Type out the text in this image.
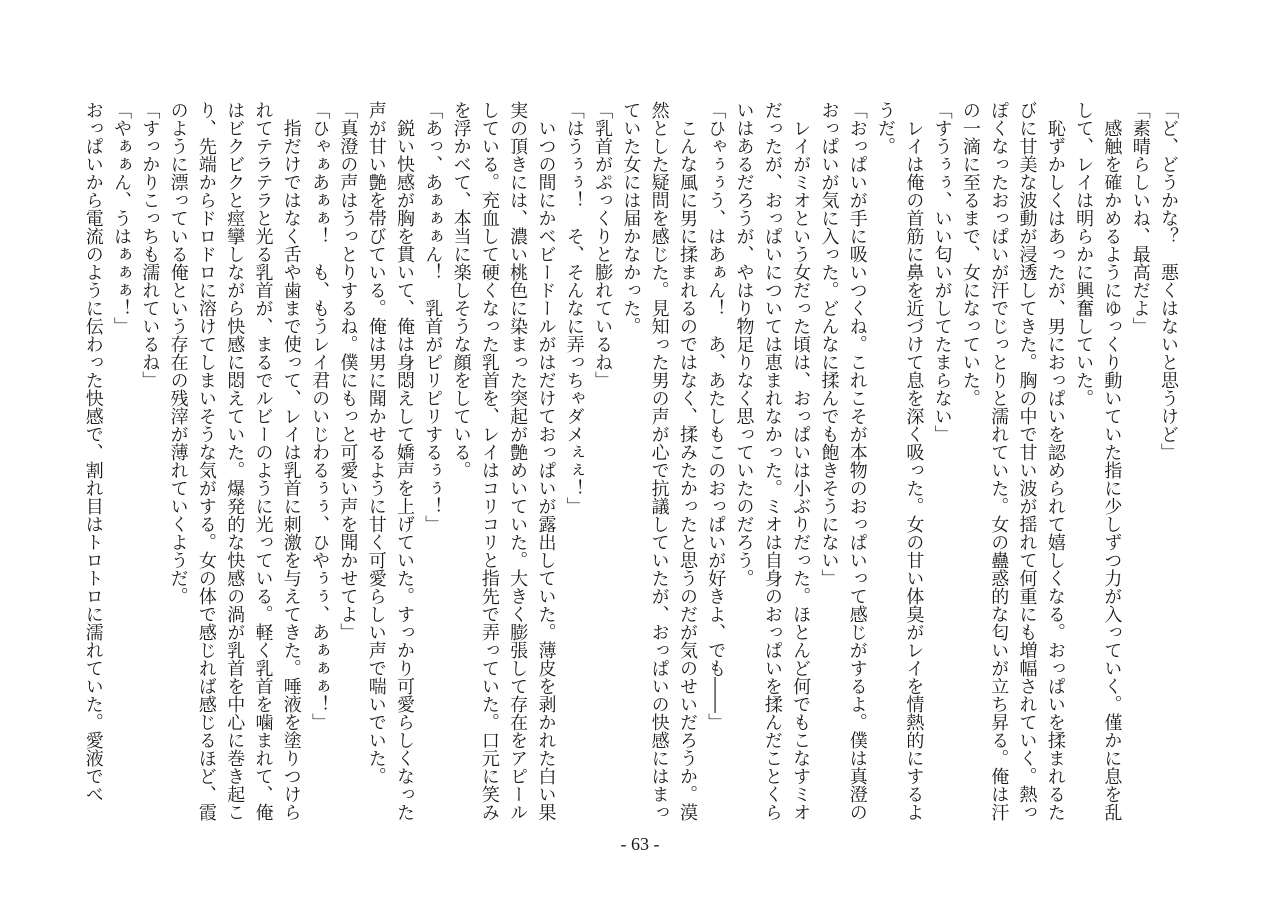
「ど、どうかな？　悪くはないと思うけど」
「素晴らしいね、最高だよ」
　感触を確かめるようにゆっくり動いていた指に少しずつ力が入っていく。僅かに息を乱
して、レイは明らかに興奮していた。
　恥ずかしくはあったが、男におっぱいを認められて嬉しくなる。おっぱいを揉まれるた
びに甘美な波動が浸透してきた。胸の中で甘い波が揺れて何重にも増幅されていく。熱っ
ぽくなったおっぱいが汗でじっとりと濡れていた。女の蠱惑的な匂いが立ち昇る。俺は汗
の一滴に至るまで、女になっていた。
「すうぅぅ、いい匂いがしてたまらない」
　レイは俺の首筋に鼻を近づけて息を深く吸った。女の甘い体臭がレイを情熱的にするよ
うだ。
「おっぱいが手に吸いつくね。これこそが本物のおっぱいって感じがするよ。僕は真澄の
おっぱいが気に入った。どんなに揉んでも飽きそうにない」
　レイがミオという女だった頃は、おっぱいは小ぶりだった。ほとんど何でもこなすミオ
だったが、おっぱいについては恵まれなかった。ミオは自身のおっぱいを揉んだことくら
いはあるだろうが、やはり物足りなく思っていたのだろう。
「ひゃぅぅう、はあぁん！　あ、あたしもこのおっぱいが好きよ、でも――」
　こんな風に男に揉まれるのではなく、揉みたかったと思うのだが気のせいだろうか。漠
然とした疑問を感じた。見知った男の声が心で抗議していたが、おっぱいの快感にはまっ
ていた女には届かなかった。
「乳首がぷっくりと膨れているね」
「はうぅぅ！　そ、そんなに弄っちゃダメぇぇ！」
　いつの間にかベビードールがはだけておっぱいが露出していた。薄皮を剥かれた白い果
実の頂きには、濃い桃色に染まった突起が艶めいていた。大きく膨張して存在をアピール
している。充血して硬くなった乳首を、レイはコリコリと指先で弄っていた。口元に笑み
を浮かべて、本当に楽しそうな顔をしている。
「あっ、あぁぁぁん！　乳首がピリピリするぅぅ！」
　鋭い快感が胸を貫いて、俺は身悶えして嬌声を上げていた。すっかり可愛らしくなった
声が甘い艶を帯びている。俺は男に聞かせるように甘く可愛らしい声で喘いでいた。
「真澄の声はうっとりするね。僕にもっと可愛い声を聞かせてよ」
「ひゃぁあぁぁ！　も、もうレイ君のいじわるぅぅ、ひやぅぅ、あぁぁぁ！」
　指だけではなく舌や歯まで使って、レイは乳首に刺激を与えてきた。唾液を塗りつけら
れてテラテラと光る乳首が、まるでルビーのように光っている。軽く乳首を噛まれて、俺
はビクビクと痙攣しながら快感に悶えていた。爆発的な快感の渦が乳首を中心に巻き起こ
り、先端からドロドロに溶けてしまいそうな気がする。女の体で感じれば感じるほど、霞
のように漂っている俺という存在の残滓が薄れていくようだ。
「すっかりこっちも濡れているね」
「やぁぁん、うはぁぁぁ！」
おっぱいから電流のように伝わった快感で、割れ目はトロトロに濡れていた。愛液でべ
- 63 -
